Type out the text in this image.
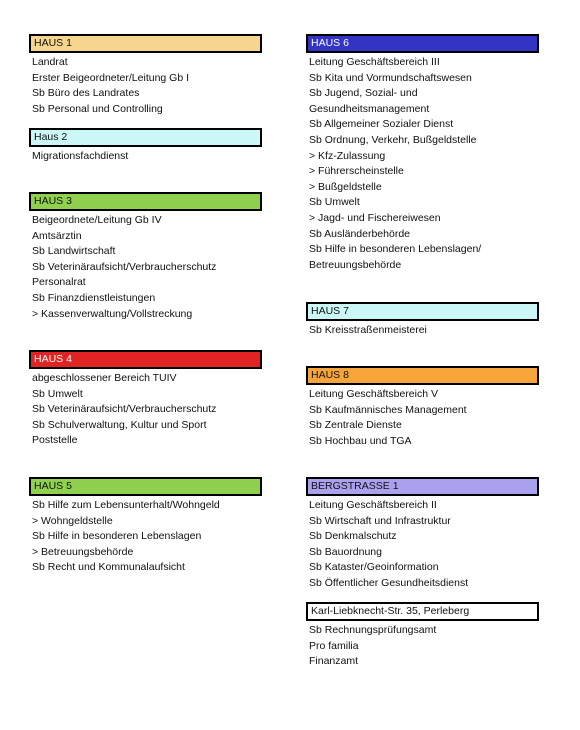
HAUS 1
Landrat
Erster Beigeordneter/Leitung Gb I
Sb Büro des Landrates
Sb Personal und Controlling
Haus 2
Migrationsfachdienst
HAUS 3
Beigeordnete/Leitung Gb IV
Amtsärztin
Sb Landwirtschaft
Sb Veterinäraufsicht/Verbraucherschutz
Personalrat
Sb Finanzdienstleistungen
> Kassenverwaltung/Vollstreckung
HAUS 4
abgeschlossener Bereich TUIV
Sb Umwelt
Sb Veterinäraufsicht/Verbraucherschutz
Sb Schulverwaltung, Kultur und Sport
Poststelle
HAUS 5
Sb Hilfe zum Lebensunterhalt/Wohngeld
> Wohngeldstelle
Sb Hilfe in besonderen Lebenslagen
> Betreuungsbehörde
Sb Recht und Kommunalaufsicht
HAUS 6
Leitung Geschäftsbereich III
Sb Kita und Vormundschaftswesen
Sb Jugend, Sozial- und
Gesundheitsmanagement
Sb Allgemeiner Sozialer Dienst
Sb Ordnung, Verkehr, Bußgeldstelle
> Kfz-Zulassung
> Führerscheinstelle
> Bußgeldstelle
Sb Umwelt
> Jagd- und Fischereiwesen
Sb Ausländerbehörde
Sb Hilfe in besonderen Lebenslagen/
Betreuungsbehörde
HAUS 7
Sb Kreisstraßenmeisterei
HAUS 8
Leitung Geschäftsbereich V
Sb Kaufmännisches Management
Sb Zentrale Dienste
Sb Hochbau und TGA
BERGSTRASSE 1
Leitung Geschäftsbereich II
Sb Wirtschaft und Infrastruktur
Sb Denkmalschutz
Sb Bauordnung
Sb Kataster/Geoinformation
Sb Öffentlicher Gesundheitsdienst
Karl-Liebknecht-Str. 35, Perleberg
Sb Rechnungsprüfungsamt
Pro familia
Finanzamt
